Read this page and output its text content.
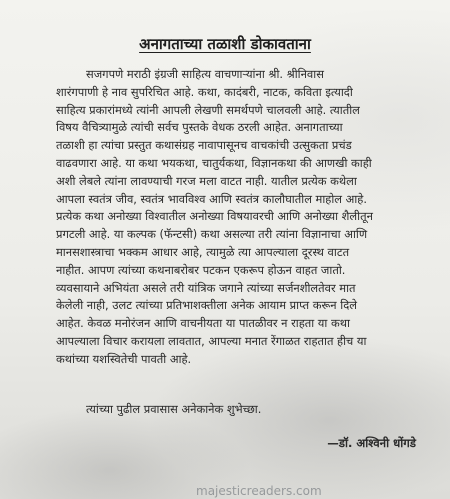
अनागताच्या तळाशी डोकावताना
सजगपणे मराठी इंग्रजी साहित्य वाचणाऱ्यांना श्री. श्रीनिवास
शारंगपाणी हे नाव सुपरिचित आहे. कथा, कादंबरी, नाटक, कविता इत्यादी
साहित्य प्रकारांमध्ये त्यांनी आपली लेखणी समर्थपणे चालवली आहे. त्यातील
विषय वैचित्र्यामुळे त्यांची सर्वच पुस्तके वेधक ठरली आहेत. अनागताच्या
तळाशी हा त्यांचा प्रस्तुत कथासंग्रह नावापासूनच वाचकांची उत्सुकता प्रचंड
वाढवणारा आहे. या कथा भयकथा, चातुर्यकथा, विज्ञानकथा की आणखी काही
अशी लेबले त्यांना लावण्याची गरज मला वाटत नाही. यातील प्रत्येक कथेला
आपला स्वतंत्र जीव, स्वतंत्र भावविश्व आणि स्वतंत्र कालौघातील माहोल आहे.
प्रत्येक कथा अनोख्या विश्वातील अनोख्या विषयावरची आणि अनोख्या शैलीतून
प्रगटली आहे. या कल्पक (फॅन्टसी) कथा असल्या तरी त्यांना विज्ञानाचा आणि
मानसशास्त्राचा भक्कम आधार आहे, त्यामुळे त्या आपल्याला दूरस्थ वाटत
नाहीत. आपण त्यांच्या कथनाबरोबर पटकन एकरूप होऊन वाहत जातो.
व्यवसायाने अभियंता असले तरी यांत्रिक जगाने त्यांच्या सर्जनशीलतेवर मात
केलेली नाही, उलट त्यांच्या प्रतिभाशक्तीला अनेक आयाम प्राप्त करून दिले
आहेत. केवळ मनोरंजन आणि वाचनीयता या पातळीवर न राहता या कथा
आपल्याला विचार करायला लावतात, आपल्या मनात रेंगाळत राहतात हीच या
कथांच्या यशस्वितेची पावती आहे.
त्यांच्या पुढील प्रवासास अनेकानेक शुभेच्छा.
—डॉ. अश्विनी धोंगडे
majesticreaders.com
